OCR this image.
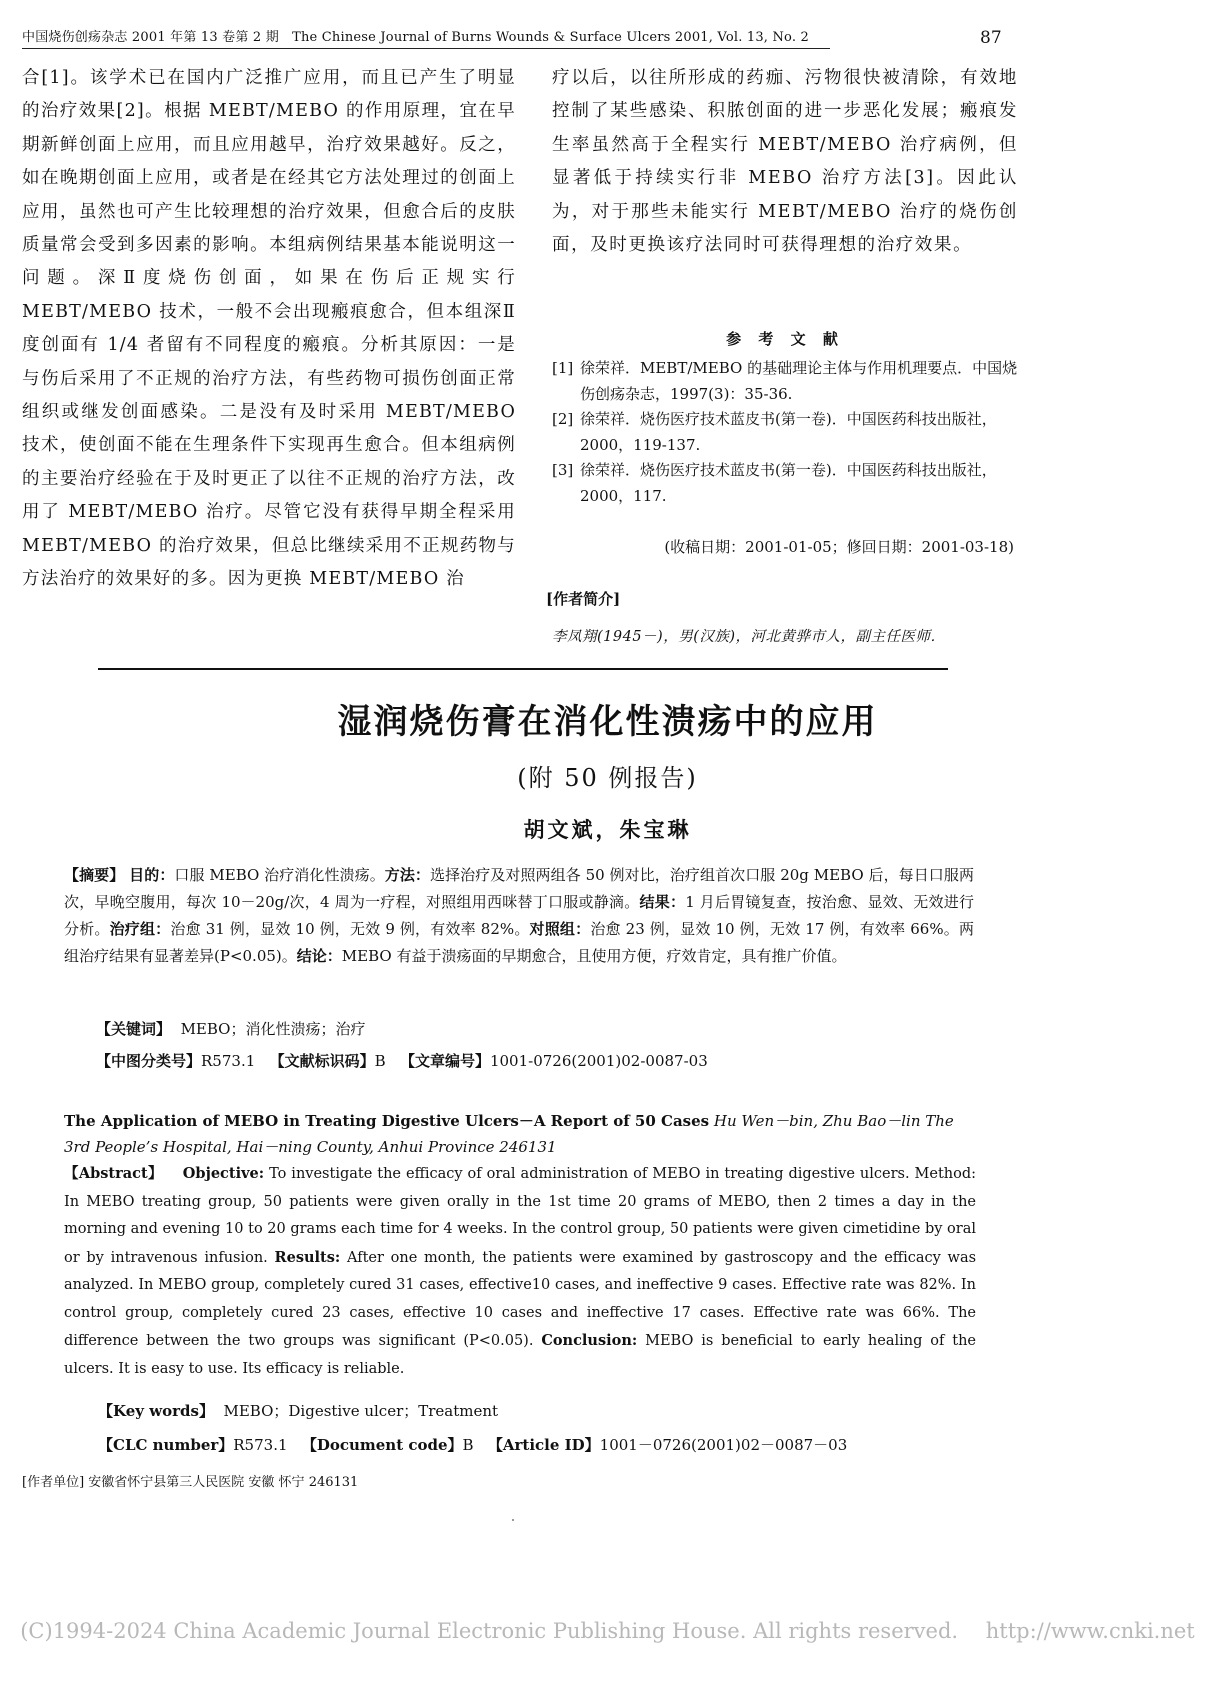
中国烧伤创疡杂志 2001 年第 13 卷第 2 期　The Chinese Journal of Burns Wounds & Surface Ulcers 2001, Vol. 13, No. 2	87

合[1]。该学术已在国内广泛推广应用，而且已产生了明显的治疗效果[2]。根据 MEBT/MEBO 的作用原理，宜在早期新鲜创面上应用，而且应用越早，治疗效果越好。反之，如在晚期创面上应用，或者是在经其它方法处理过的创面上应用，虽然也可产生比较理想的治疗效果，但愈合后的皮肤质量常会受到多因素的影响。本组病例结果基本能说明这一问题。深Ⅱ度烧伤创面，如果在伤后正规实行 MEBT/MEBO 技术，一般不会出现瘢痕愈合，但本组深Ⅱ度创面有 1/4 者留有不同程度的瘢痕。分析其原因：一是与伤后采用了不正规的治疗方法，有些药物可损伤创面正常组织或继发创面感染。二是没有及时采用 MEBT/MEBO 技术，使创面不能在生理条件下实现再生愈合。但本组病例的主要治疗经验在于及时更正了以往不正规的治疗方法，改用了 MEBT/MEBO 治疗。尽管它没有获得早期全程采用 MEBT/MEBO 的治疗效果，但总比继续采用不正规药物与方法治疗的效果好的多。因为更换 MEBT/MEBO 治

疗以后，以往所形成的药痂、污物很快被清除，有效地控制了某些感染、积脓创面的进一步恶化发展；瘢痕发生率虽然高于全程实行 MEBT/MEBO 治疗病例，但显著低于持续实行非 MEBO 治疗方法[3]。因此认为，对于那些未能实行 MEBT/MEBO 治疗的烧伤创面，及时更换该疗法同时可获得理想的治疗效果。

参 考 文 献

[1] 徐荣祥．MEBT/MEBO 的基础理论主体与作用机理要点．中国烧伤创疡杂志，1997(3)：35-36.

[2] 徐荣祥．烧伤医疗技术蓝皮书(第一卷)．中国医药科技出版社，2000，119-137.

[3] 徐荣祥．烧伤医疗技术蓝皮书(第一卷)．中国医药科技出版社，2000，117.

(收稿日期：2001-01-05；修回日期：2001-03-18)
[作者简介]
李凤翔(1945－)，男(汉族)，河北黄骅市人，副主任医师．
湿润烧伤膏在消化性溃疡中的应用
(附 50 例报告)
胡文斌，朱宝琳

【摘要】 目的：口服 MEBO 治疗消化性溃疡。方法：选择治疗及对照两组各 50 例对比，治疗组首次口服 20g MEBO 后，每日口服两次，早晚空腹用，每次 10－20g/次，4 周为一疗程，对照组用西咪替丁口服或静滴。结果：1 月后胃镜复查，按治愈、显效、无效进行分析。治疗组：治愈 31 例，显效 10 例，无效 9 例，有效率 82%。对照组：治愈 23 例，显效 10 例，无效 17 例，有效率 66%。两组治疗结果有显著差异(P<0.05)。结论：MEBO 有益于溃疡面的早期愈合，且使用方便，疗效肯定，具有推广价值。

【关键词】 MEBO；消化性溃疡；治疗
【中图分类号】R573.1 【文献标识码】B 【文章编号】1001-0726(2001)02-0087-03
The Application of MEBO in Treating Digestive Ulcers－A Report of 50 Cases Hu Wen－bin, Zhu Bao－lin The 3rd People’s Hospital, Hai－ning County, Anhui Province 246131

【Abstract】 Objective: To investigate the efficacy of oral administration of MEBO in treating digestive ulcers. Method: In MEBO treating group, 50 patients were given orally in the 1st time 20 grams of MEBO, then 2 times a day in the morning and evening 10 to 20 grams each time for 4 weeks. In the control group, 50 patients were given cimetidine by oral or by intravenous infusion. Results: After one month, the patients were examined by gastroscopy and the efficacy was analyzed. In MEBO group, completely cured 31 cases, effective10 cases, and ineffective 9 cases. Effective rate was 82%. In control group, completely cured 23 cases, effective 10 cases and ineffective 17 cases. Effective rate was 66%. The difference between the two groups was significant (P<0.05). Conclusion: MEBO is beneficial to early healing of the ulcers. It is easy to use. Its efficacy is reliable.

【Key words】 MEBO；Digestive ulcer；Treatment
【CLC number】R573.1 【Document code】B 【Article ID】1001－0726(2001)02－0087－03
[作者单位] 安徽省怀宁县第三人民医院 安徽 怀宁 246131
(C)1994-2024 China Academic Journal Electronic Publishing House. All rights reserved.　 http://www.cnki.net
